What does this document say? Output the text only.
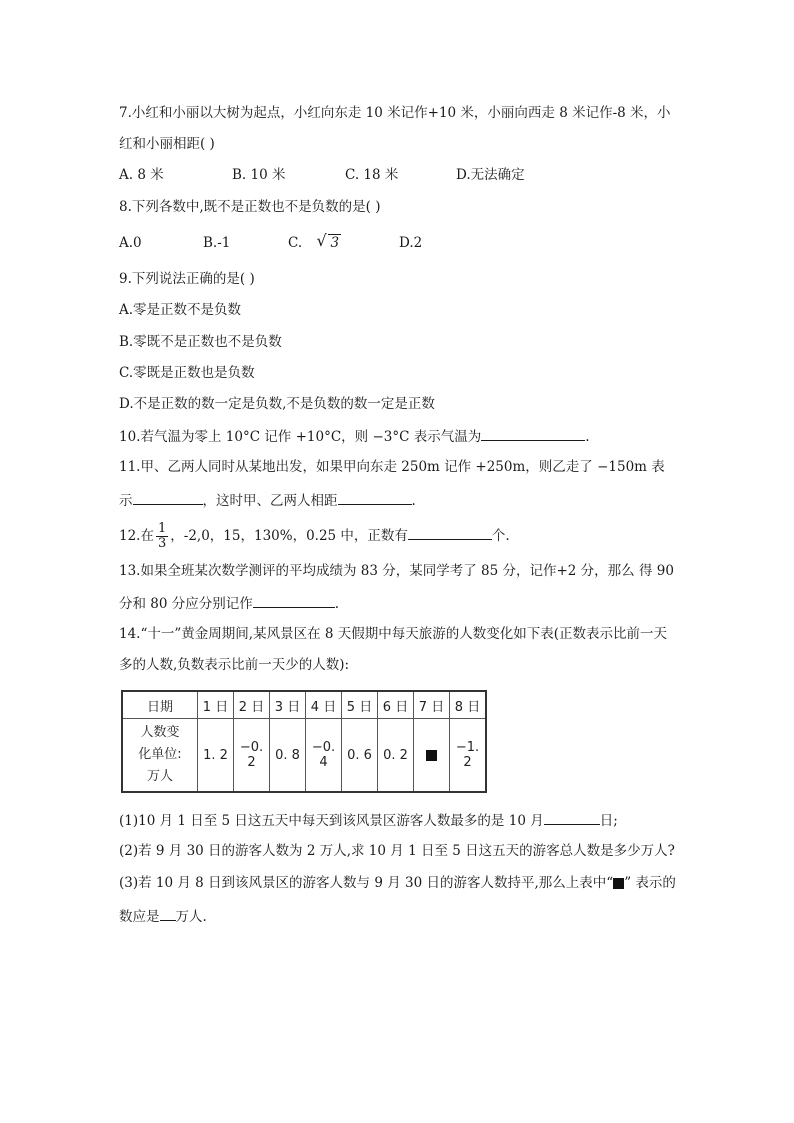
7.小红和小丽以大树为起点，小红向东走 10 米记作+10 米，小丽向西走 8 米记作-8 米，小
红和小丽相距( )
A. 8 米	B. 10 米	C. 18 米	D.无法确定
8.下列各数中,既不是正数也不是负数的是( )
A.0	B.-1	C. √ 3	D.2
9.下列说法正确的是( )
A.零是正数不是负数
B.零既不是正数也不是负数
C.零既是正数也是负数
D.不是正数的数一定是负数,不是负数的数一定是正数
10.若气温为零上 10°C 记作 +10°C，则 −3°C 表示气温为	.
11.甲、乙两人同时从某地出发，如果甲向东走 250m 记作 +250m，则乙走了 −150m 表
示	，这时甲、乙两人相距	.
12.在 $\frac{1}{3}$ ，-2,0，15，130%，0.25 中，正数有	个.
13.如果全班某次数学测评的平均成绩为 83 分，某同学考了 85 分，记作+2 分，那么 得 90
分和 80 分应分别记作	.
14.“十一”黄金周期间,某风景区在 8 天假期中每天旅游的人数变化如下表(正数表示比前一天
多的人数,负数表示比前一天少的人数):
日期	1 日	2 日	3 日	4 日	5 日	6 日	7 日	8 日

人数变
化单位:
万人	1. 2	−0. 2	0. 8	−0. 4	0. 6	0. 2		−1. 2
(1)10 月 1 日至 5 日这五天中每天到该风景区游客人数最多的是 10 月	日;
(2)若 9 月 30 日的游客人数为 2 万人,求 10 月 1 日至 5 日这五天的游客总人数是多少万人?
(3)若 10 月 8 日到该风景区的游客人数与 9 月 30 日的游客人数持平,那么上表中“ ” 表示的
数应是 万人.
